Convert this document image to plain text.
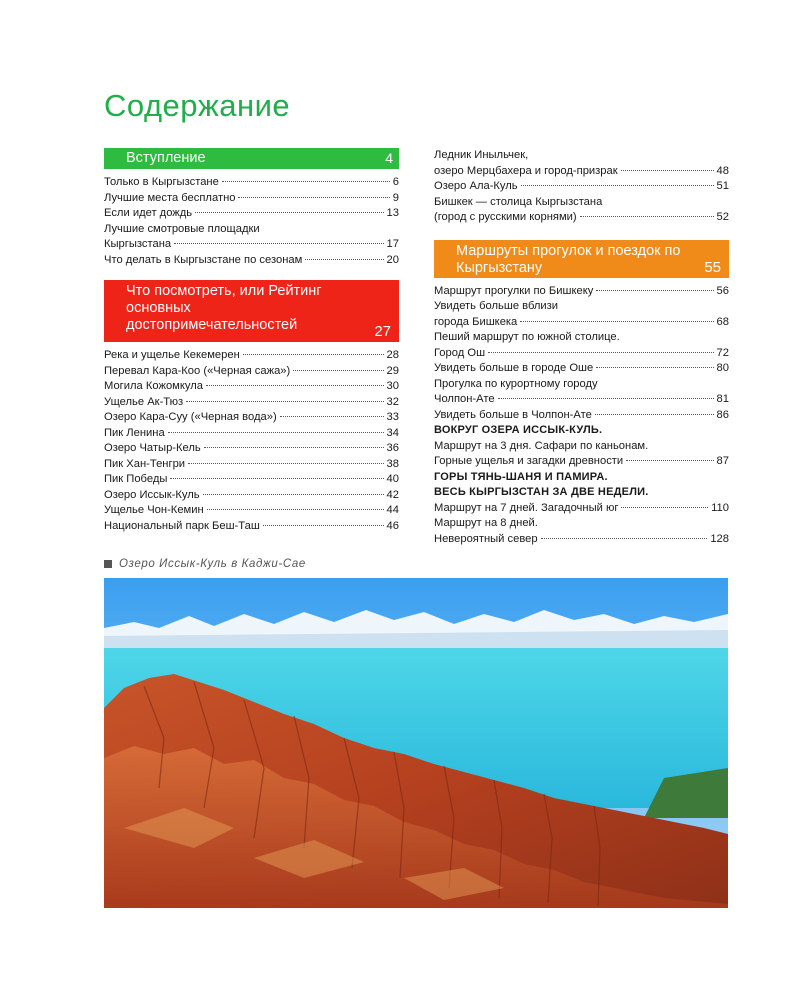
Содержание
Вступление	4
Только в Кыргызстане	6
Лучшие места бесплатно	9
Если идет дождь	13
Лучшие смотровые площадки
Кыргызстана	17
Что делать в Кыргызстане по сезонам	20
Что посмотреть, или Рейтинг основных достопримечательностей	27
Река и ущелье Кекемерен	28
Перевал Кара-Коо («Черная сажа»)	29
Могила Кожомкула	30
Ущелье Ак-Тюз	32
Озеро Кара-Суу («Черная вода»)	33
Пик Ленина	34
Озеро Чатыр-Кель	36
Пик Хан-Тенгри	38
Пик Победы	40
Озеро Иссык-Куль	42
Ущелье Чон-Кемин	44
Национальный парк Беш-Таш	46
Ледник Иныльчек,
озеро Мерцбахера и город-призрак	48
Озеро Ала-Куль	51
Бишкек — столица Кыргызстана
(город с русскими корнями)	52
Маршруты прогулок и поездок по Кыргызстану	55
Маршрут прогулки по Бишкеку	56
Увидеть больше вблизи
города Бишкека	68
Пеший маршрут по южной столице.
Город Ош	72
Увидеть больше в городе Оше	80
Прогулка по курортному городу
Чолпон-Ате	81
Увидеть больше в Чолпон-Ате	86
ВОКРУГ ОЗЕРА ИССЫК-КУЛЬ.
Маршрут на 3 дня. Сафари по каньонам.
Горные ущелья и загадки древности	87
ГОРЫ ТЯНЬ-ШАНЯ И ПАМИРА.
ВЕСЬ КЫРГЫЗСТАН ЗА ДВЕ НЕДЕЛИ.
Маршрут на 7 дней. Загадочный юг	110
Маршрут на 8 дней.
Невероятный север	128
Озеро Иссык-Куль в Каджи-Сае
